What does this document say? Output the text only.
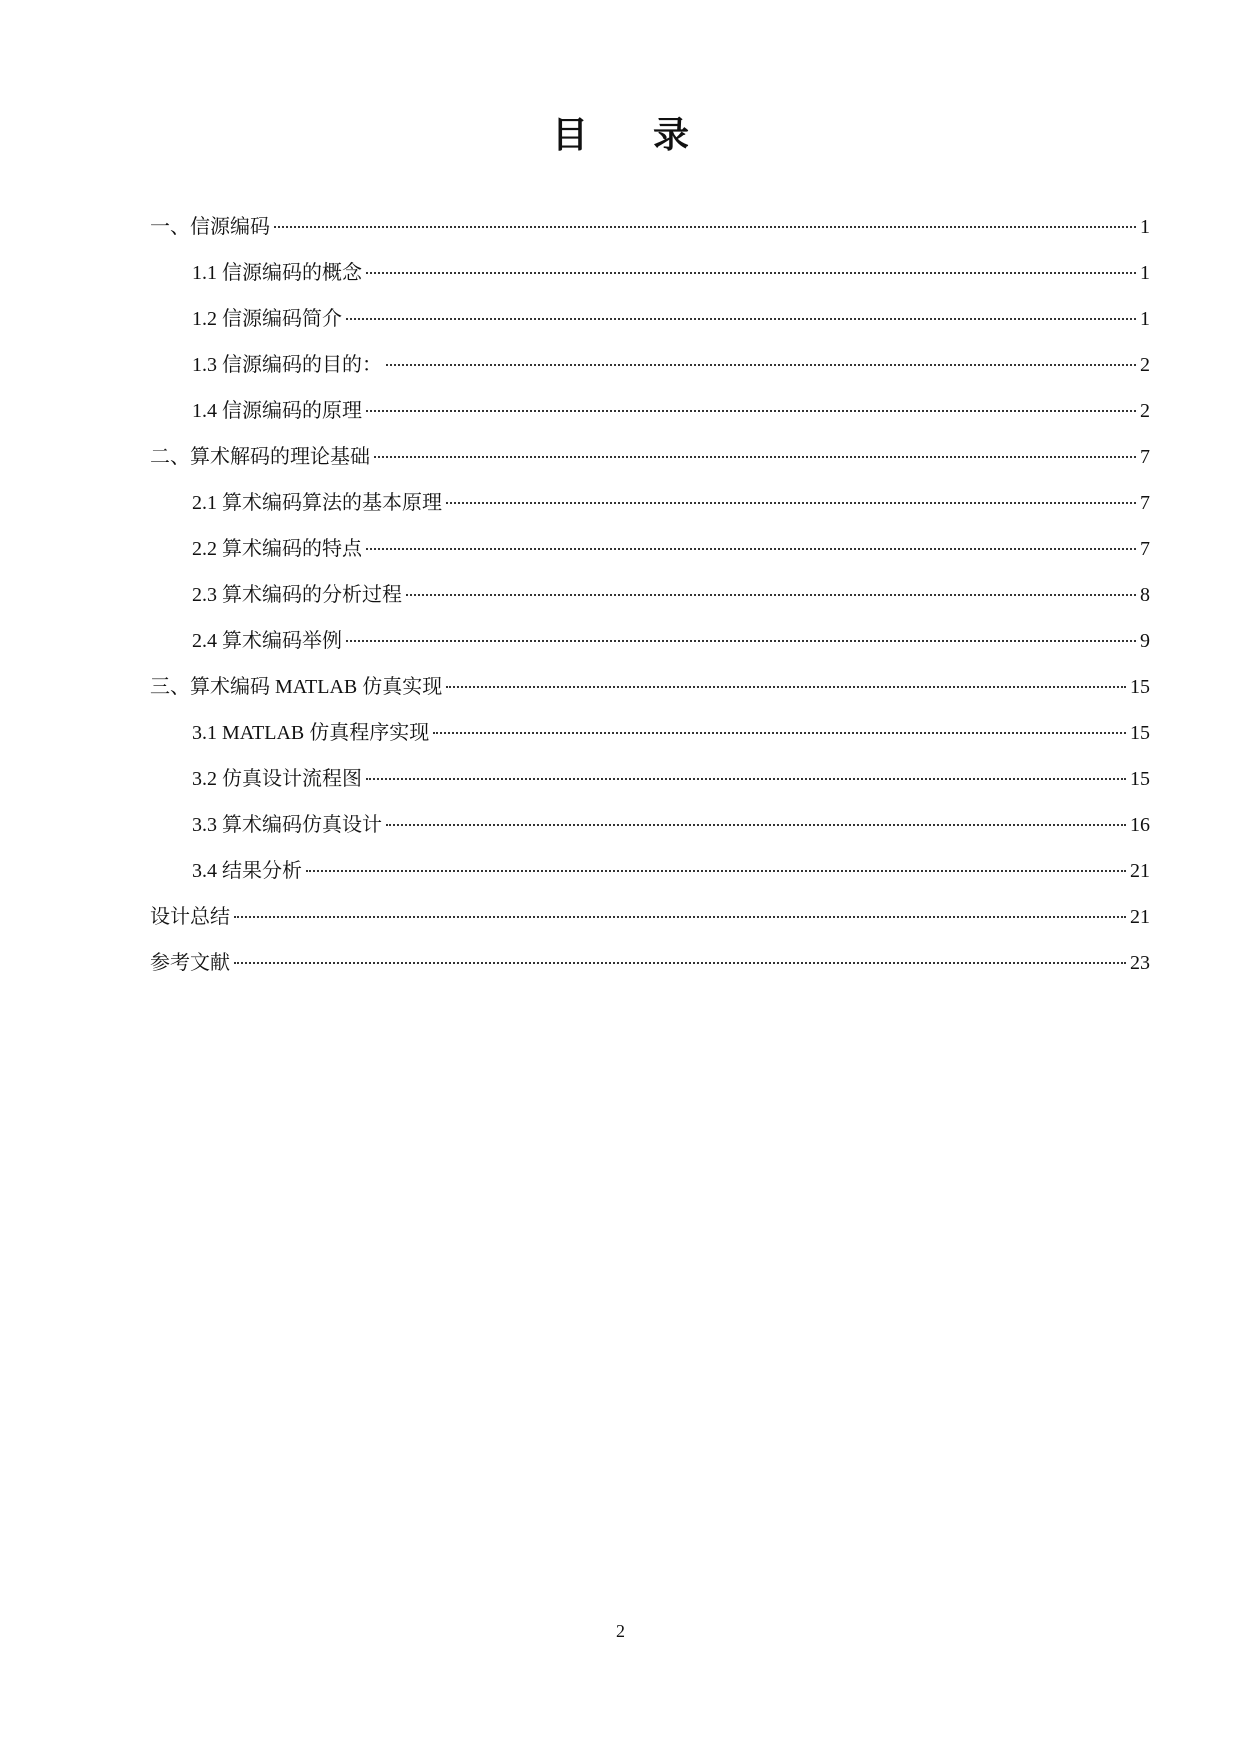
目 录
一、信源编码	1
1.1 信源编码的概念	1
1.2 信源编码简介	1
1.3 信源编码的目的：	2
1.4 信源编码的原理	2
二、算术解码的理论基础	7
2.1 算术编码算法的基本原理	7
2.2 算术编码的特点	7
2.3 算术编码的分析过程	8
2.4 算术编码举例	9
三、算术编码 MATLAB 仿真实现	15
3.1 MATLAB 仿真程序实现	15
3.2 仿真设计流程图	15
3.3 算术编码仿真设计	16
3.4 结果分析	21
设计总结	21
参考文献	23
2
